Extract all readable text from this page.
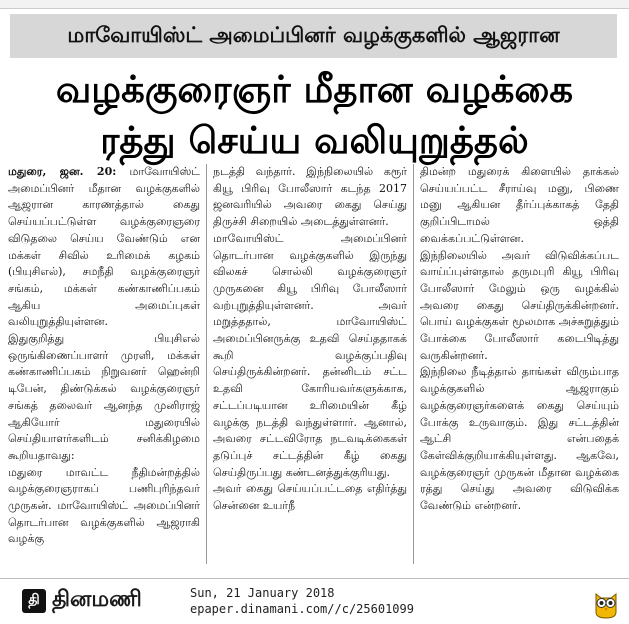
மாவோயிஸ்ட் அமைப்பினர் வழக்குகளில் ஆஜரான
வழக்குரைஞர் மீதான வழக்கை
ரத்து செய்ய வலியுறுத்தல்

மதுரை, ஜன. 20: மாவோயிஸ்ட் அமைப்பினர் மீதான வழக்குகளில் ஆஜரான காரணத்தால் கைது செய்யப்பட்டுள்ள வழக்குரைஞரை விடுதலை செய்ய வேண்டும் என மக்கள் சிவில் உரிமைக் கழகம் (பியுசிஎல்), சமநீதி வழக்குரைஞர் சங்கம், மக்கள் கண்காணிப்பகம் ஆகிய அமைப்புகள் வலியுறுத்தியுள்ளன.

இதுகுறித்து பியுசிஎல் ஒருங்கிணைப்பாளர் முரளி, மக்கள் கண்காணிப்பகம் நிறுவனர் ஹென்றி டிபேன், திண்டுக்கல் வழக்குரைஞர் சங்கத் தலைவர் ஆனந்த முனிராஜ் ஆகியோர் மதுரையில் செய்தியாளர்களிடம் சனிக்கிழமை கூறியதாவது:

மதுரை மாவட்ட நீதிமன்றத்தில் வழக்குரைஞராகப் பணிபுரிந்தவர் முருகன். மாவோயிஸ்ட் அமைப்பினர் தொடர்பான வழக்குகளில் ஆஜராகி வழக்கு

நடத்தி வந்தார். இந்நிலையில் கரூர் கியூ பிரிவு போலீஸார் கடந்த 2017 ஜனவரியில் அவரை கைது செய்து திருச்சி சிறையில் அடைத்துள்ளனர்.

மாவோயிஸ்ட் அமைப்பினர் தொடர்பான வழக்குகளில் இருந்து விலகச் சொல்லி வழக்குரைஞர் முருகனை கியூ பிரிவு போலீஸார் வற்புறுத்தியுள்ளனர். அவர் மறுத்ததால், மாவோயிஸ்ட் அமைப்பினருக்கு உதவி செய்ததாகக் கூறி வழக்குப்பதிவு செய்திருக்கின்றனர். தன்னிடம் சட்ட உதவி கோரியவர்களுக்காக, சட்டப்படியான உரிமையின் கீழ் வழக்கு நடத்தி வந்துள்ளார். ஆனால், அவரை சட்டவிரோத நடவடிக்கைகள் தடுப்புச் சட்டத்தின் கீழ் கைது செய்திருப்பது கண்டனத்துக்குரியது.

அவர் கைது செய்யப்பட்டதை எதிர்த்து சென்னை உயர்நீ

திமன்ற மதுரைக் கிளையில் தாக்கல் செய்யப்பட்ட சீராய்வு மனு, பிணை மனு ஆகியன தீர்ப்புக்காகத் தேதி குறிப்பிடாமல் ஒத்தி வைக்கப்பட்டுள்ளன.

இந்நிலையில் அவர் விடுவிக்கப்பட வாய்ப்புள்ளதால் தருமபுரி கியூ பிரிவு போலீஸார் மேலும் ஒரு வழக்கில் அவரை கைது செய்திருக்கின்றனர். பொய் வழக்குகள் மூலமாக அச்சுறுத்தும் போக்கை போலீஸார் கடைபிடித்து வருகின்றனர்.

இந்நிலை நீடித்தால் தாங்கள் விரும்பாத வழக்குகளில் ஆஜராகும் வழக்குரைஞர்களைக் கைது செய்யும் போக்கு உருவாகும். இது சட்டத்தின் ஆட்சி என்பதைக் கேள்விக்குறியாக்கியுள்ளது. ஆகவே, வழக்குரைஞர் முருகன் மீதான வழக்கை ரத்து செய்து அவரை விடுவிக்க வேண்டும் என்றனர்.

தி தினமணி	Sun, 21 January 2018
epaper.dinamani.com//c/25601099
